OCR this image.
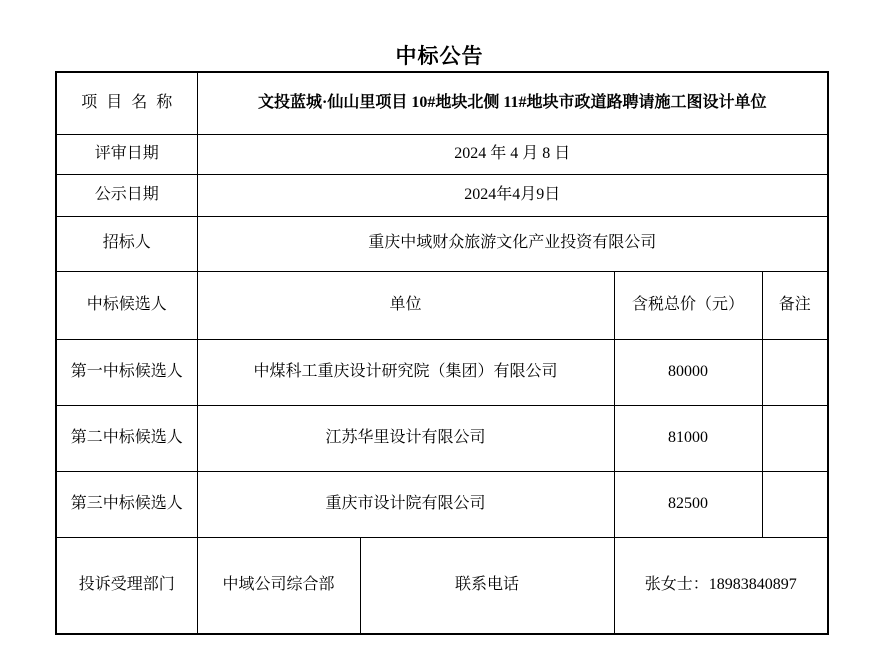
中标公告
项 目 名 称	文投蓝城·仙山里项目 10#地块北侧 11#地块市政道路聘请施工图设计单位			
评审日期	2024 年 4 月 8 日			
公示日期	2024年4月9日			
招标人	重庆中域财众旅游文化产业投资有限公司			
中标候选人	单位		含税总价（元）	备注
第一中标候选人	中煤科工重庆设计研究院（集团）有限公司		80000	
第二中标候选人	江苏华里设计有限公司		81000	
第三中标候选人	重庆市设计院有限公司		82500	
投诉受理部门	中域公司综合部	联系电话	张女士：18983840897	
